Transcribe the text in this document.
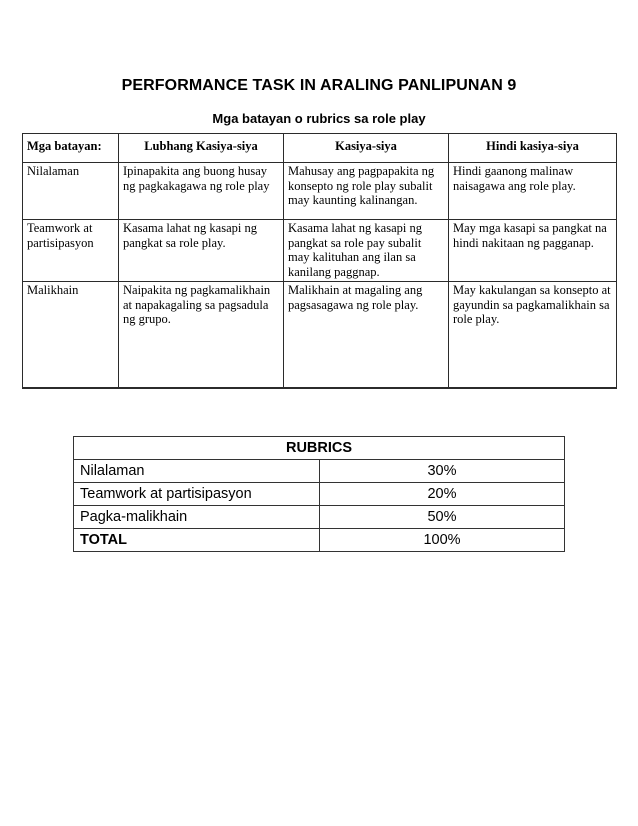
PERFORMANCE TASK IN ARALING PANLIPUNAN 9
Mga batayan o rubrics sa role play
Mga batayan:	Lubhang Kasiya-siya	Kasiya-siya	Hindi kasiya-siya
Nilalaman	Ipinapakita ang buong husay ng pagkakagawa ng role play	Mahusay ang pagpapakita ng konsepto ng role play subalit may kaunting kalinangan.	Hindi gaanong malinaw naisagawa ang role play.
Teamwork at partisipasyon	Kasama lahat ng kasapi ng pangkat sa role play.	Kasama lahat ng kasapi ng pangkat sa role pay subalit may kalituhan ang ilan sa kanilang paggnap.	May mga kasapi sa pangkat na hindi nakitaan ng pagganap.
Malikhain	Naipakita ng pagkamalikhain at napakagaling sa pagsadula ng grupo.	Malikhain at magaling ang pagsasagawa ng role play.	May kakulangan sa konsepto at gayundin sa pagkamalikhain sa role play.
RUBRICS	
Nilalaman	30%
Teamwork at partisipasyon	20%
Pagka-malikhain	50%
TOTAL	100%
